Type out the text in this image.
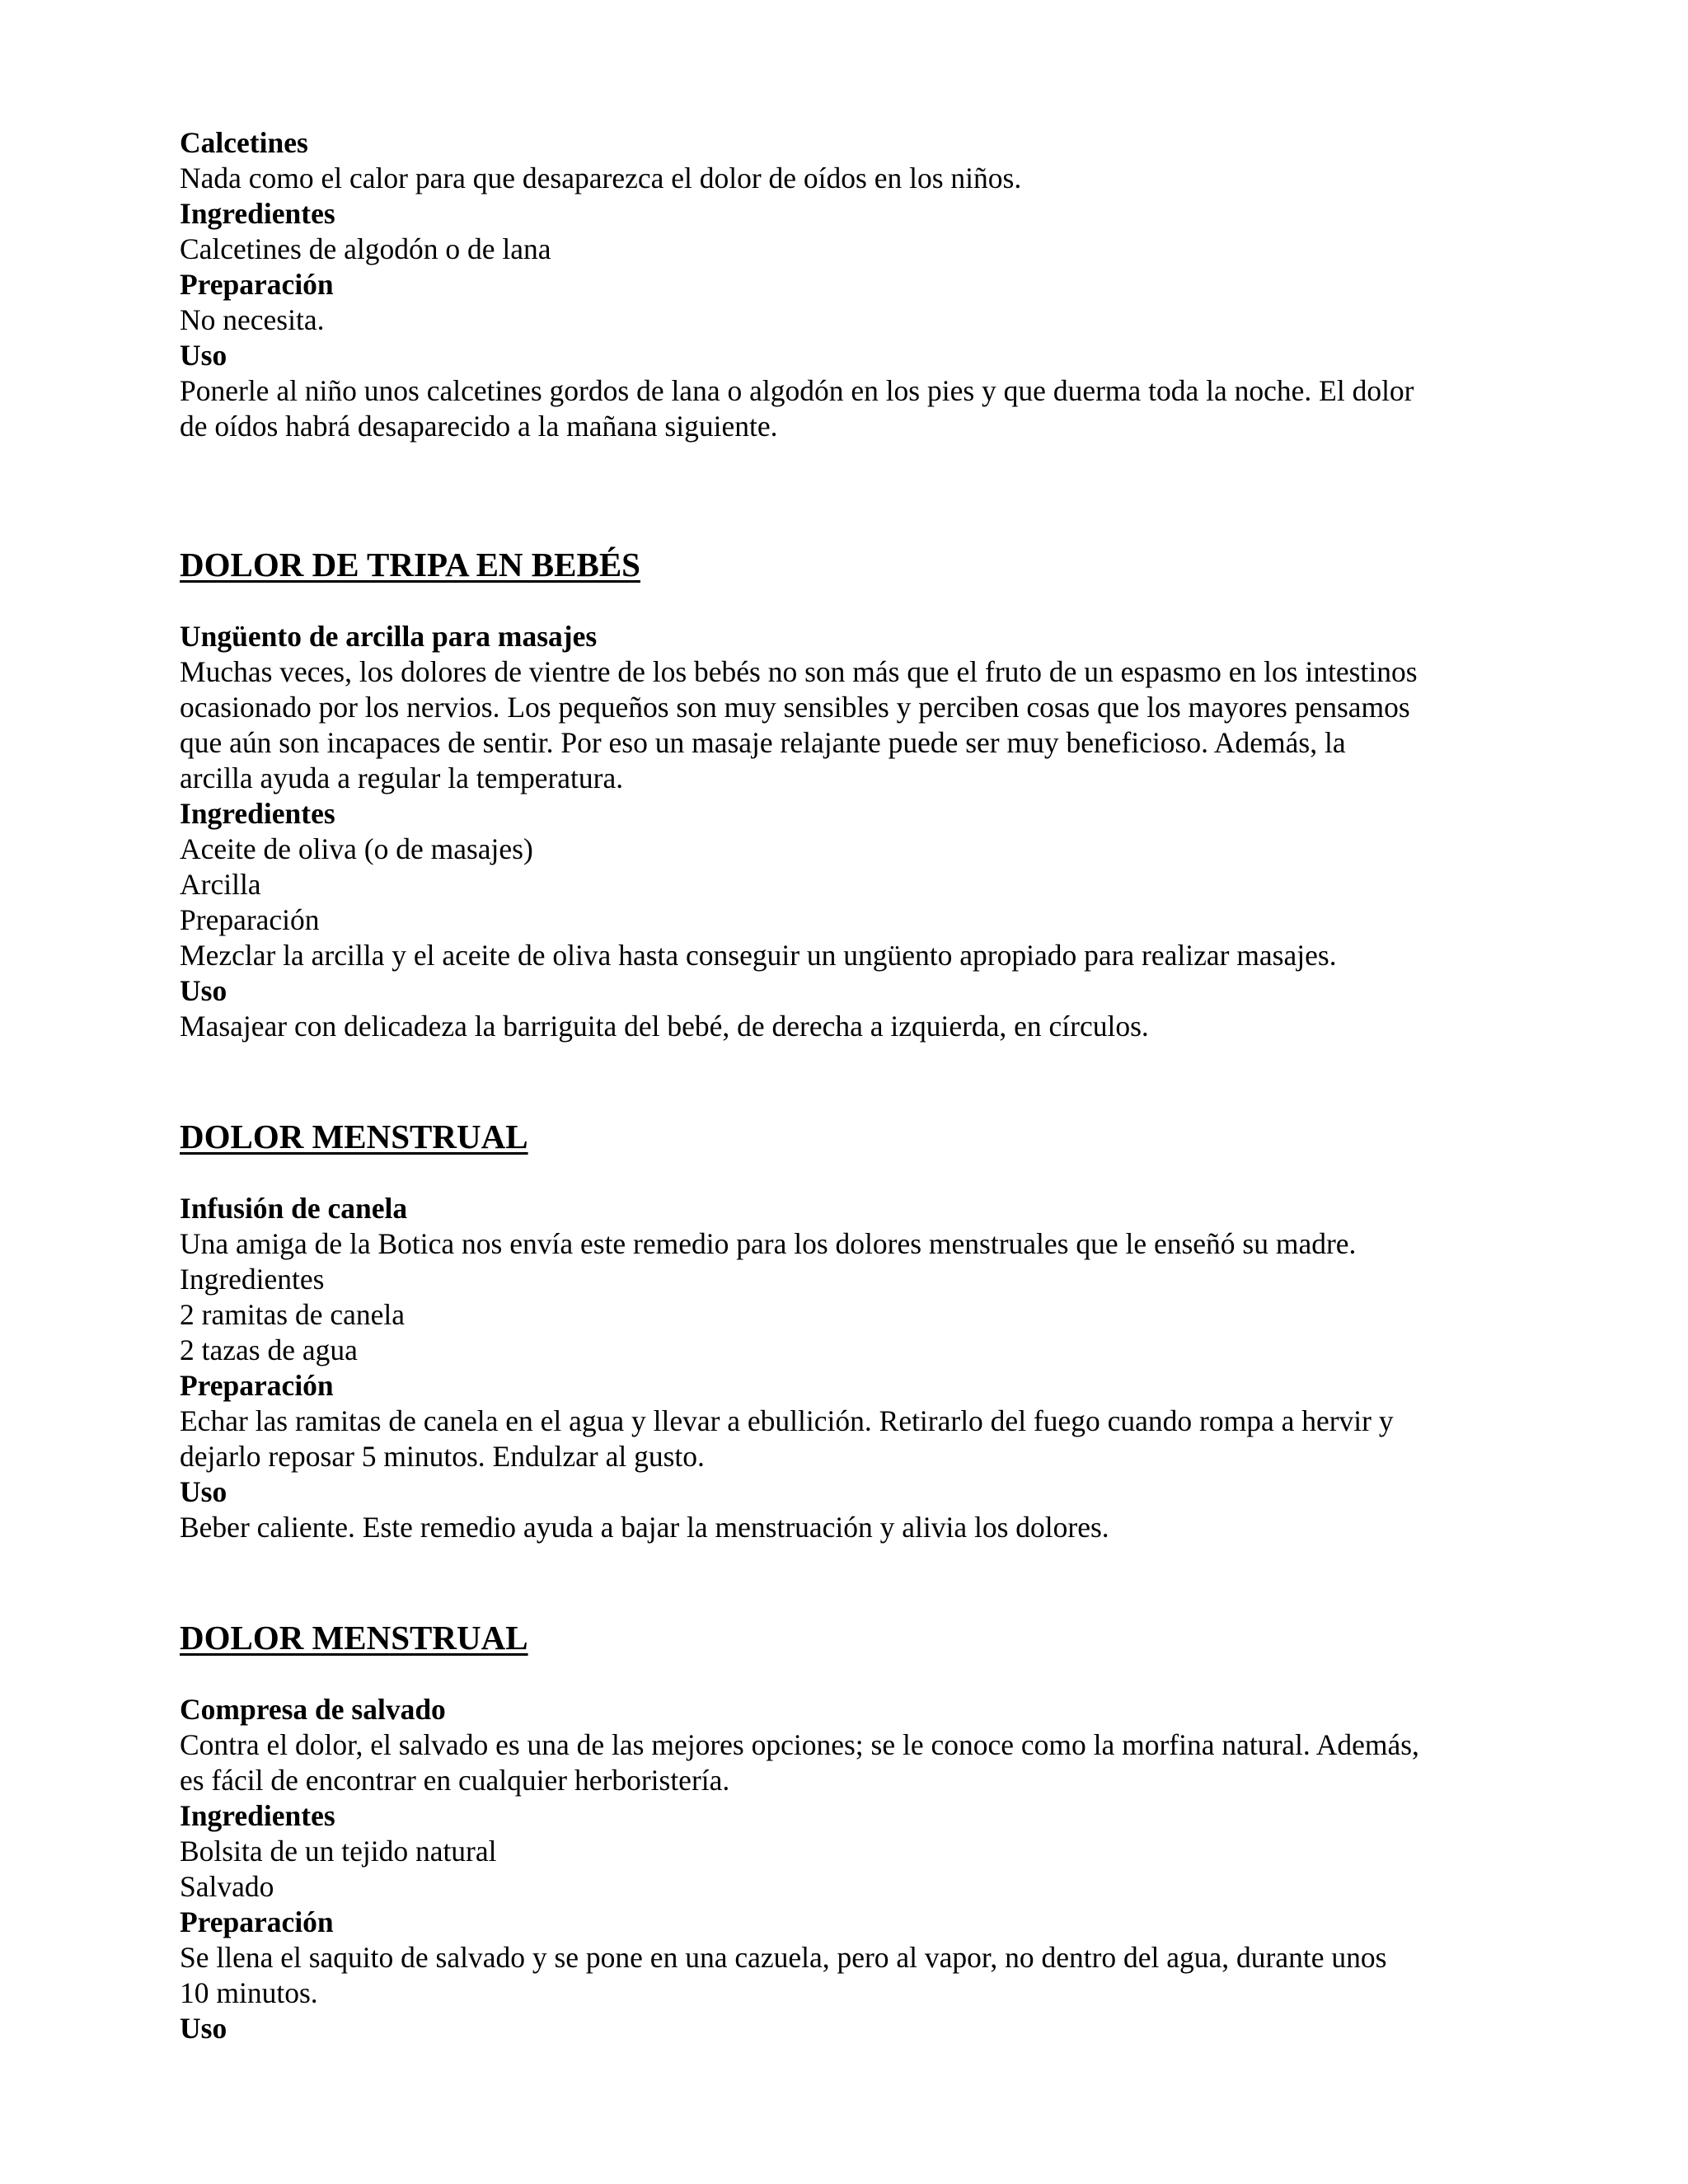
Calcetines
Nada como el calor para que desaparezca el dolor de oídos en los niños.
Ingredientes
Calcetines de algodón o de lana
Preparación
No necesita.
Uso
Ponerle al niño unos calcetines gordos de lana o algodón en los pies y que duerma toda la noche. El dolor
de oídos habrá desaparecido a la mañana siguiente.
DOLOR DE TRIPA EN BEBÉS
Ungüento de arcilla para masajes
Muchas veces, los dolores de vientre de los bebés no son más que el fruto de un espasmo en los intestinos
ocasionado por los nervios. Los pequeños son muy sensibles y perciben cosas que los mayores pensamos
que aún son incapaces de sentir. Por eso un masaje relajante puede ser muy beneficioso. Además, la
arcilla ayuda a regular la temperatura.
Ingredientes
Aceite de oliva (o de masajes)
Arcilla
Preparación
Mezclar la arcilla y el aceite de oliva hasta conseguir un ungüento apropiado para realizar masajes.
Uso
Masajear con delicadeza la barriguita del bebé, de derecha a izquierda, en círculos.
DOLOR MENSTRUAL
Infusión de canela
Una amiga de la Botica nos envía este remedio para los dolores menstruales que le enseñó su madre.
Ingredientes
2 ramitas de canela
2 tazas de agua
Preparación
Echar las ramitas de canela en el agua y llevar a ebullición. Retirarlo del fuego cuando rompa a hervir y
dejarlo reposar 5 minutos. Endulzar al gusto.
Uso
Beber caliente. Este remedio ayuda a bajar la menstruación y alivia los dolores.
DOLOR MENSTRUAL
Compresa de salvado
Contra el dolor, el salvado es una de las mejores opciones; se le conoce como la morfina natural. Además,
es fácil de encontrar en cualquier herboristería.
Ingredientes
Bolsita de un tejido natural
Salvado
Preparación
Se llena el saquito de salvado y se pone en una cazuela, pero al vapor, no dentro del agua, durante unos
10 minutos.
Uso
